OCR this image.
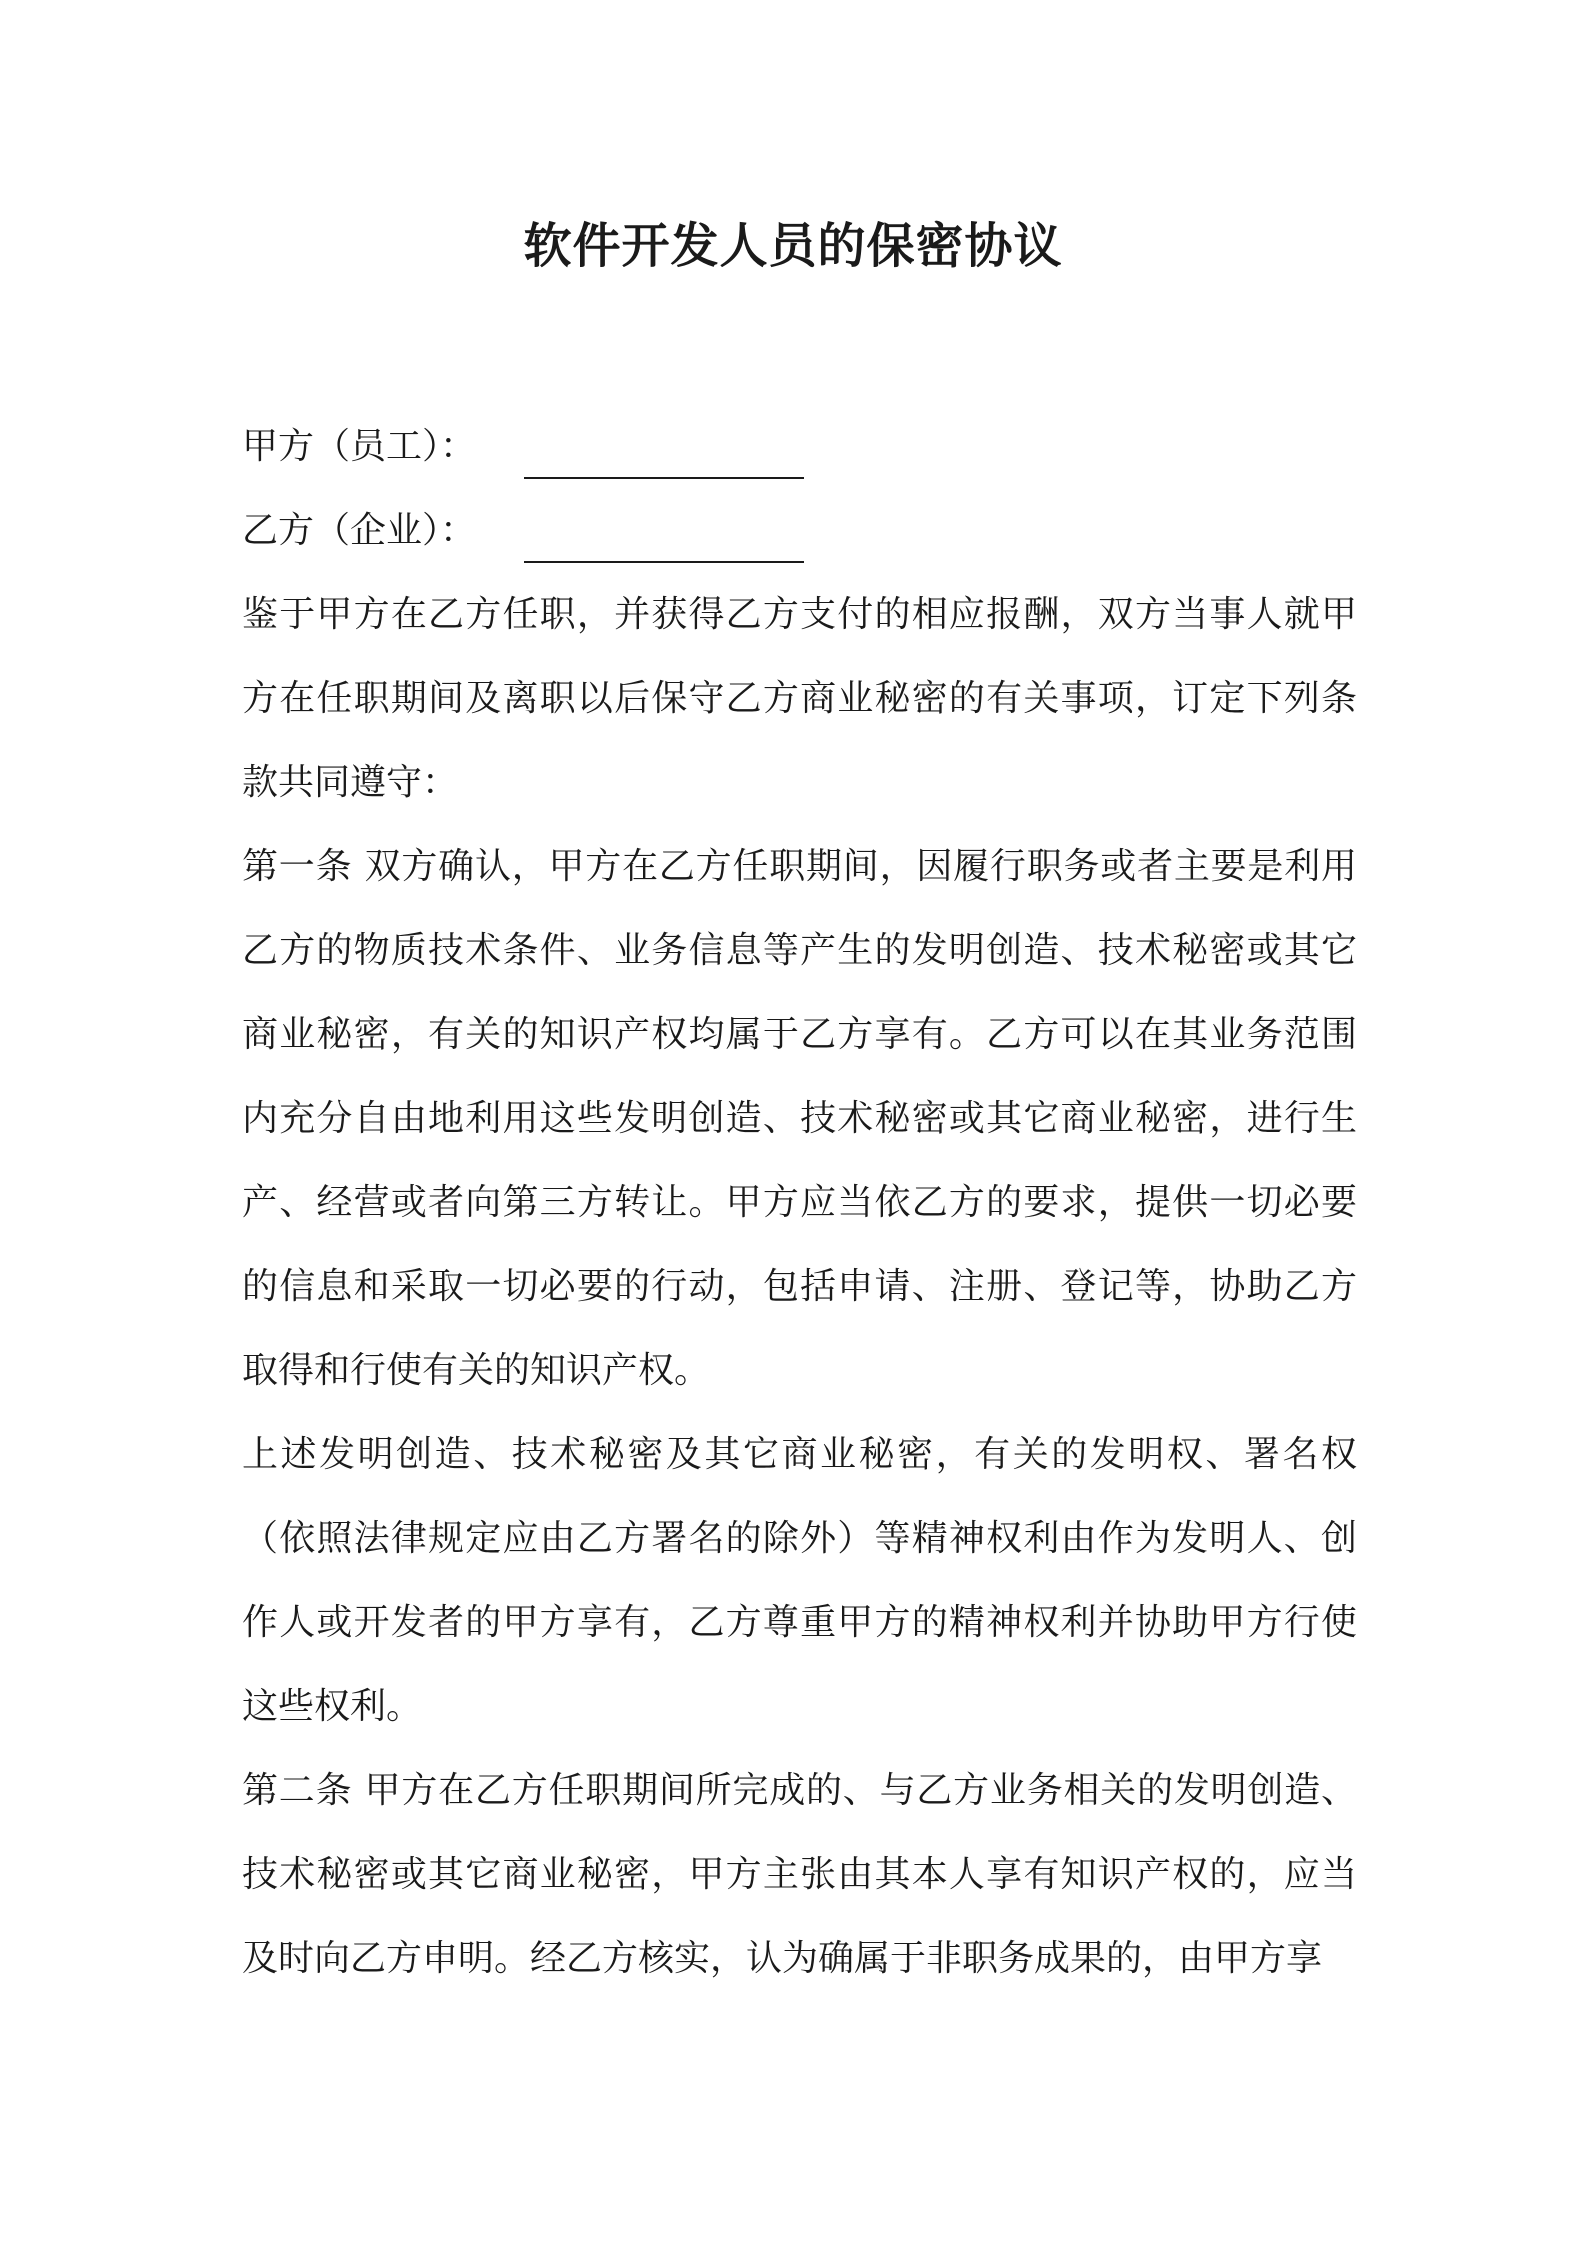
软件开发人员的保密协议
甲方（员工）：
乙方（企业）：

鉴于甲方在乙方任职，并获得乙方支付的相应报酬，双方当事人就甲方在任职期间及离职以后保守乙方商业秘密的有关事项，订定下列条款共同遵守：

第一条 双方确认，甲方在乙方任职期间，因履行职务或者主要是利用乙方的物质技术条件、业务信息等产生的发明创造、技术秘密或其它商业秘密，有关的知识产权均属于乙方享有。乙方可以在其业务范围内充分自由地利用这些发明创造、技术秘密或其它商业秘密，进行生产、经营或者向第三方转让。甲方应当依乙方的要求，提供一切必要的信息和采取一切必要的行动，包括申请、注册、登记等，协助乙方取得和行使有关的知识产权。

上述发明创造、技术秘密及其它商业秘密，有关的发明权、署名权（依照法律规定应由乙方署名的除外）等精神权利由作为发明人、创作人或开发者的甲方享有，乙方尊重甲方的精神权利并协助甲方行使这些权利。

第二条 甲方在乙方任职期间所完成的、与乙方业务相关的发明创造、技术秘密或其它商业秘密，甲方主张由其本人享有知识产权的，应当及时向乙方申明。经乙方核实，认为确属于非职务成果的，由甲方享
